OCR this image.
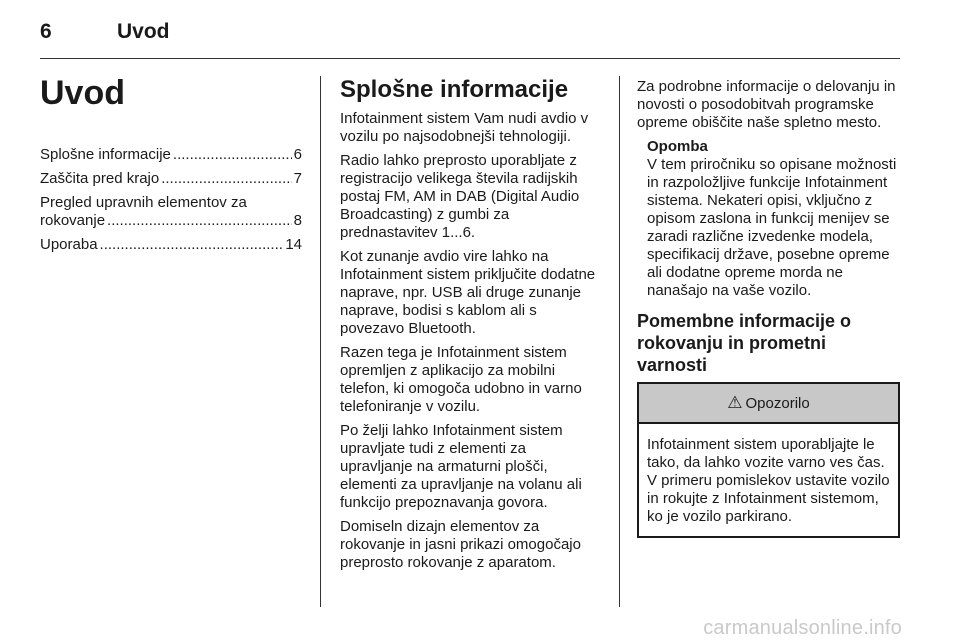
6	Uvod
Uvod
Splošne informacije .....	6
Zaščita pred krajo .....	7
Pregled upravnih elementov za
rokovanje .....	8
Uporaba .....	14
Splošne informacije

Infotainment sistem Vam nudi avdio v vozilu po najsodobnejši tehnologiji.

Radio lahko preprosto uporabljate z registracijo velikega števila radijskih postaj FM, AM in DAB (Digital Audio Broadcasting) z gumbi za prednastavitev 1...6.

Kot zunanje avdio vire lahko na Infotainment sistem priključite dodatne naprave, npr. USB ali druge zunanje naprave, bodisi s kablom ali s povezavo Bluetooth.

Razen tega je Infotainment sistem opremljen z aplikacijo za mobilni telefon, ki omogoča udobno in varno telefoniranje v vozilu.

Po želji lahko Infotainment sistem upravljate tudi z elementi za upravljanje na armaturni plošči, elementi za upravljanje na volanu ali funkcijo prepoznavanja govora.

Domiseln dizajn elementov za rokovanje in jasni prikazi omogočajo preprosto rokovanje z aparatom.

Za podrobne informacije o delovanju in novosti o posodobitvah programske opreme obiščite naše spletno mesto.

Opomba

V tem priročniku so opisane možnosti in razpoložljive funkcije Infotainment sistema. Nekateri opisi, vključno z opisom zaslona in funkcij menijev se zaradi različne izvedenke modela, specifikacij države, posebne opreme ali dodatne opreme morda ne nanašajo na vaše vozilo.

Pomembne informacije o rokovanju in prometni varnosti
⚠ Opozorilo
Infotainment sistem uporabljajte le tako, da lahko vozite varno ves čas. V primeru pomislekov ustavite vozilo in rokujte z Infotainment sistemom, ko je vozilo parkirano.
carmanualsonline.info
